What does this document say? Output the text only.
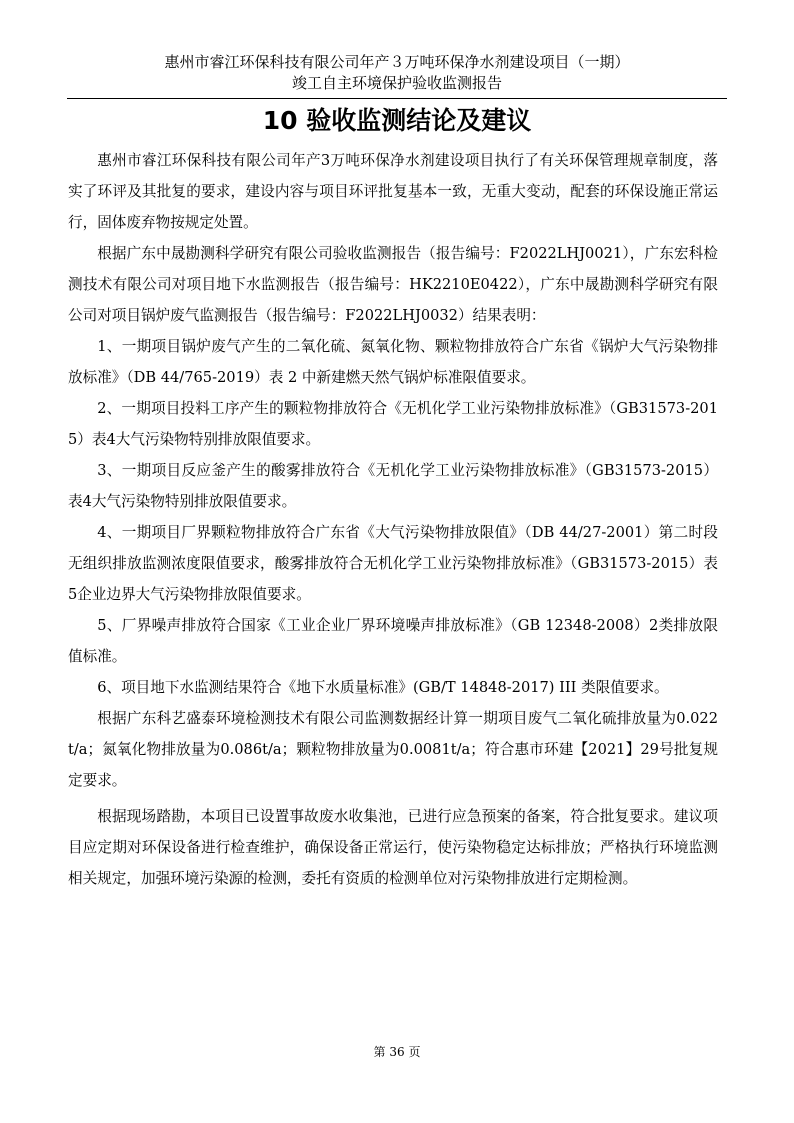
惠州市睿江环保科技有限公司年产３万吨环保净水剂建设项目（一期）
竣工自主环境保护验收监测报告
10 验收监测结论及建议

惠州市睿江环保科技有限公司年产3万吨环保净水剂建设项目执行了有关环保管理规章制度，落实了环评及其批复的要求，建设内容与项目环评批复基本一致，无重大变动，配套的环保设施正常运行，固体废弃物按规定处置。

根据广东中晟勘测科学研究有限公司验收监测报告（报告编号：F2022LHJ0021），广东宏科检测技术有限公司对项目地下水监测报告（报告编号：HK2210E0422），广东中晟勘测科学研究有限公司对项目锅炉废气监测报告（报告编号：F2022LHJ0032）结果表明：

1、一期项目锅炉废气产生的二氧化硫、氮氧化物、颗粒物排放符合广东省《锅炉大气污染物排放标准》（DB 44/765-2019）表 2 中新建燃天然气锅炉标准限值要求。

2、一期项目投料工序产生的颗粒物排放符合《无机化学工业污染物排放标准》（GB31573-2015）表4大气污染物特别排放限值要求。

3、一期项目反应釜产生的酸雾排放符合《无机化学工业污染物排放标准》（GB31573-2015）表4大气污染物特别排放限值要求。

4、一期项目厂界颗粒物排放符合广东省《大气污染物排放限值》（DB 44/27-2001）第二时段无组织排放监测浓度限值要求，酸雾排放符合无机化学工业污染物排放标准》（GB31573-2015）表5企业边界大气污染物排放限值要求。

5、厂界噪声排放符合国家《工业企业厂界环境噪声排放标准》（GB 12348-2008）2类排放限值标准。

6、项目地下水监测结果符合《地下水质量标准》(GB/T 14848-2017) III 类限值要求。

根据广东科艺盛泰环境检测技术有限公司监测数据经计算一期项目废气二氧化硫排放量为0.022t/a；氮氧化物排放量为0.086t/a；颗粒物排放量为0.0081t/a；符合惠市环建【2021】29号批复规定要求。

根据现场踏勘，本项目已设置事故废水收集池，已进行应急预案的备案，符合批复要求。建议项目应定期对环保设备进行检查维护，确保设备正常运行，使污染物稳定达标排放；严格执行环境监测相关规定，加强环境污染源的检测，委托有资质的检测单位对污染物排放进行定期检测。

第 36 页
